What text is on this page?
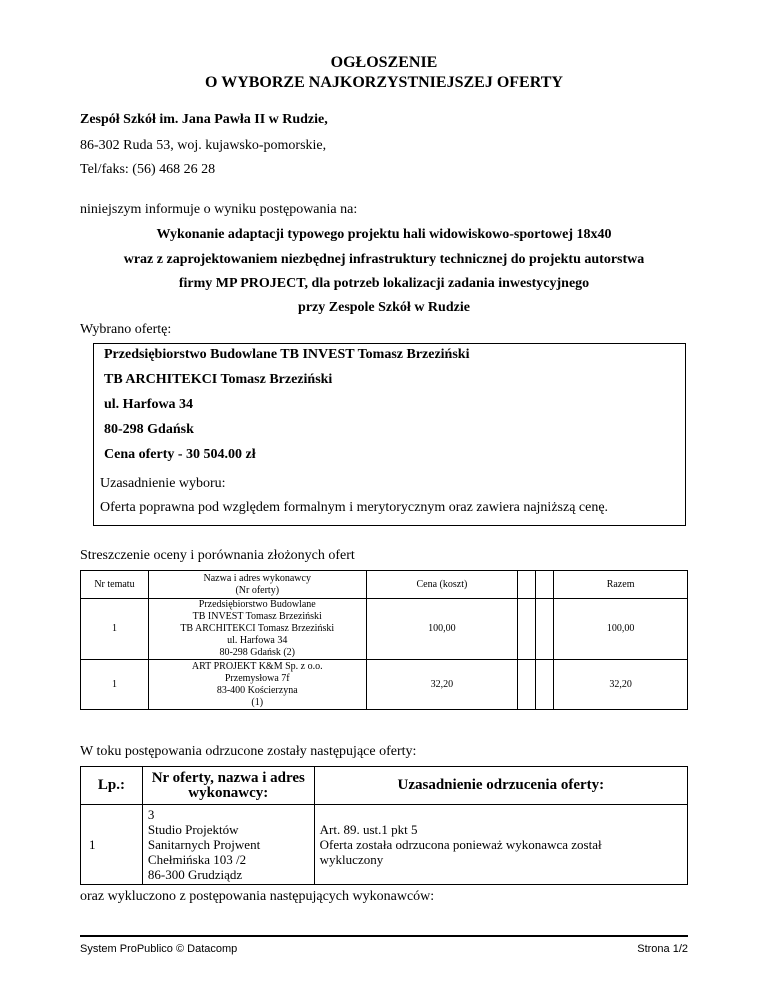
OGŁOSZENIE
O WYBORZE NAJKORZYSTNIEJSZEJ OFERTY
Zespół Szkół im. Jana Pawła II w Rudzie,
86-302 Ruda 53, woj. kujawsko-pomorskie,
Tel/faks: (56) 468 26 28
niniejszym informuje o wyniku postępowania na:
Wykonanie adaptacji typowego projektu hali widowiskowo-sportowej 18x40
wraz z zaprojektowaniem niezbędnej infrastruktury technicznej do projektu autorstwa
firmy MP PROJECT, dla potrzeb lokalizacji zadania inwestycyjnego
przy Zespole Szkół w Rudzie
Wybrano ofertę:
Przedsiębiorstwo Budowlane TB INVEST Tomasz Brzeziński
TB ARCHITEKCI Tomasz Brzeziński
ul. Harfowa 34
80-298 Gdańsk
Cena oferty - 30 504.00 zł
Uzasadnienie wyboru:
Oferta poprawna pod względem formalnym i merytorycznym oraz zawiera najniższą cenę.
Streszczenie oceny i porównania złożonych ofert
Nr tematu	Nazwa i adres wykonawcy
(Nr oferty)	Cena (koszt)			Razem
1	Przedsiębiorstwo Budowlane
TB INVEST Tomasz Brzeziński
TB ARCHITEKCI Tomasz Brzeziński
ul. Harfowa 34
80-298 Gdańsk (2)	100,00			100,00
1	ART PROJEKT K&M Sp. z o.o.
Przemysłowa 7f
83-400 Kościerzyna
(1)	32,20			32,20
W toku postępowania odrzucone zostały następujące oferty:
Lp.:	Nr oferty, nazwa i adres wykonawcy:	Uzasadnienie odrzucenia oferty:
1	3
Studio Projektów
Sanitarnych Projwent
Chełmińska 103 /2
86-300 Grudziądz	Art. 89. ust.1 pkt 5
Oferta została odrzucona ponieważ wykonawca został
wykluczony
oraz wykluczono z postępowania następujących wykonawców:
System ProPublico © Datacomp	Strona 1/2
